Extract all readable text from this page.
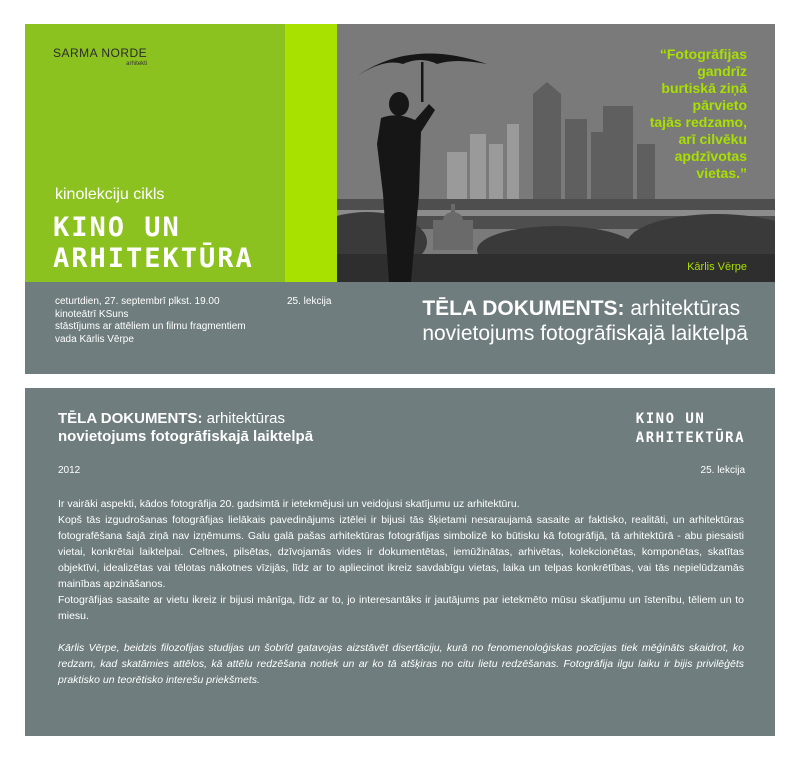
SARMA NORDE
arhitekti
kinolekciju cikls
KINO UN
ARHITEKTŪRA
“Fotogrāfijas
gandrīz
burtiskā ziņā
pārvieto
tajās redzamo,
arī cilvēku
apdzīvotas
vietas.”
Kārlis Vērpe
ceturtdien, 27. septembrī plkst. 19.00
kinoteātrī KSuns
stāstījums ar attēliem un filmu fragmentiem
vada Kārlis Vērpe
25. lekcija	TĒLA DOKUMENTS: arhitektūras
novietojums fotogrāfiskajā laiktelpā
TĒLA DOKUMENTS: arhitektūras
novietojums fotogrāfiskajā laiktelpā
KINO UN
ARHITEKTŪRA
2012	25. lekcija

Ir vairāki aspekti, kādos fotogrāfija 20. gadsimtā ir ietekmējusi un veidojusi skatījumu uz arhitektūru.

Kopš tās izgudrošanas fotogrāfijas lielākais pavedinājums iztēlei ir bijusi tās šķietami nesaraujamā sasaite ar faktisko, realitāti, un arhitektūras fotografēšana šajā ziņā nav izņēmums. Galu galā pašas arhitektūras fotogrāfijas simbolizē ko būtisku kā fotogrāfijā, tā arhitektūrā - abu piesaisti vietai, konkrētai laiktelpai. Celtnes, pilsētas, dzīvojamās vides ir dokumentētas, iemūžinātas, arhivētas, kolekcionētas, komponētas, skatītas objektīvi, idealizētas vai tēlotas nākotnes vīzijās, līdz ar to apliecinot ikreiz savdabīgu vietas, laika un telpas konkrētības, vai tās nepielūdzamās mainības apzināšanos.

Fotogrāfijas sasaite ar vietu ikreiz ir bijusi mānīga, līdz ar to, jo interesantāks ir jautājums par ietekmēto mūsu skatījumu un īstenību, tēliem un to miesu.

Kārlis Vērpe, beidzis filozofijas studijas un šobrīd gatavojas aizstāvēt disertāciju, kurā no fenomenoloģiskas pozīcijas tiek mēģināts skaidrot, ko redzam, kad skatāmies attēlos, kā attēlu redzēšana notiek un ar ko tā atšķiras no citu lietu redzēšanas. Fotogrāfija ilgu laiku ir bijis privilēģēts praktisko un teorētisko interešu priekšmets.
